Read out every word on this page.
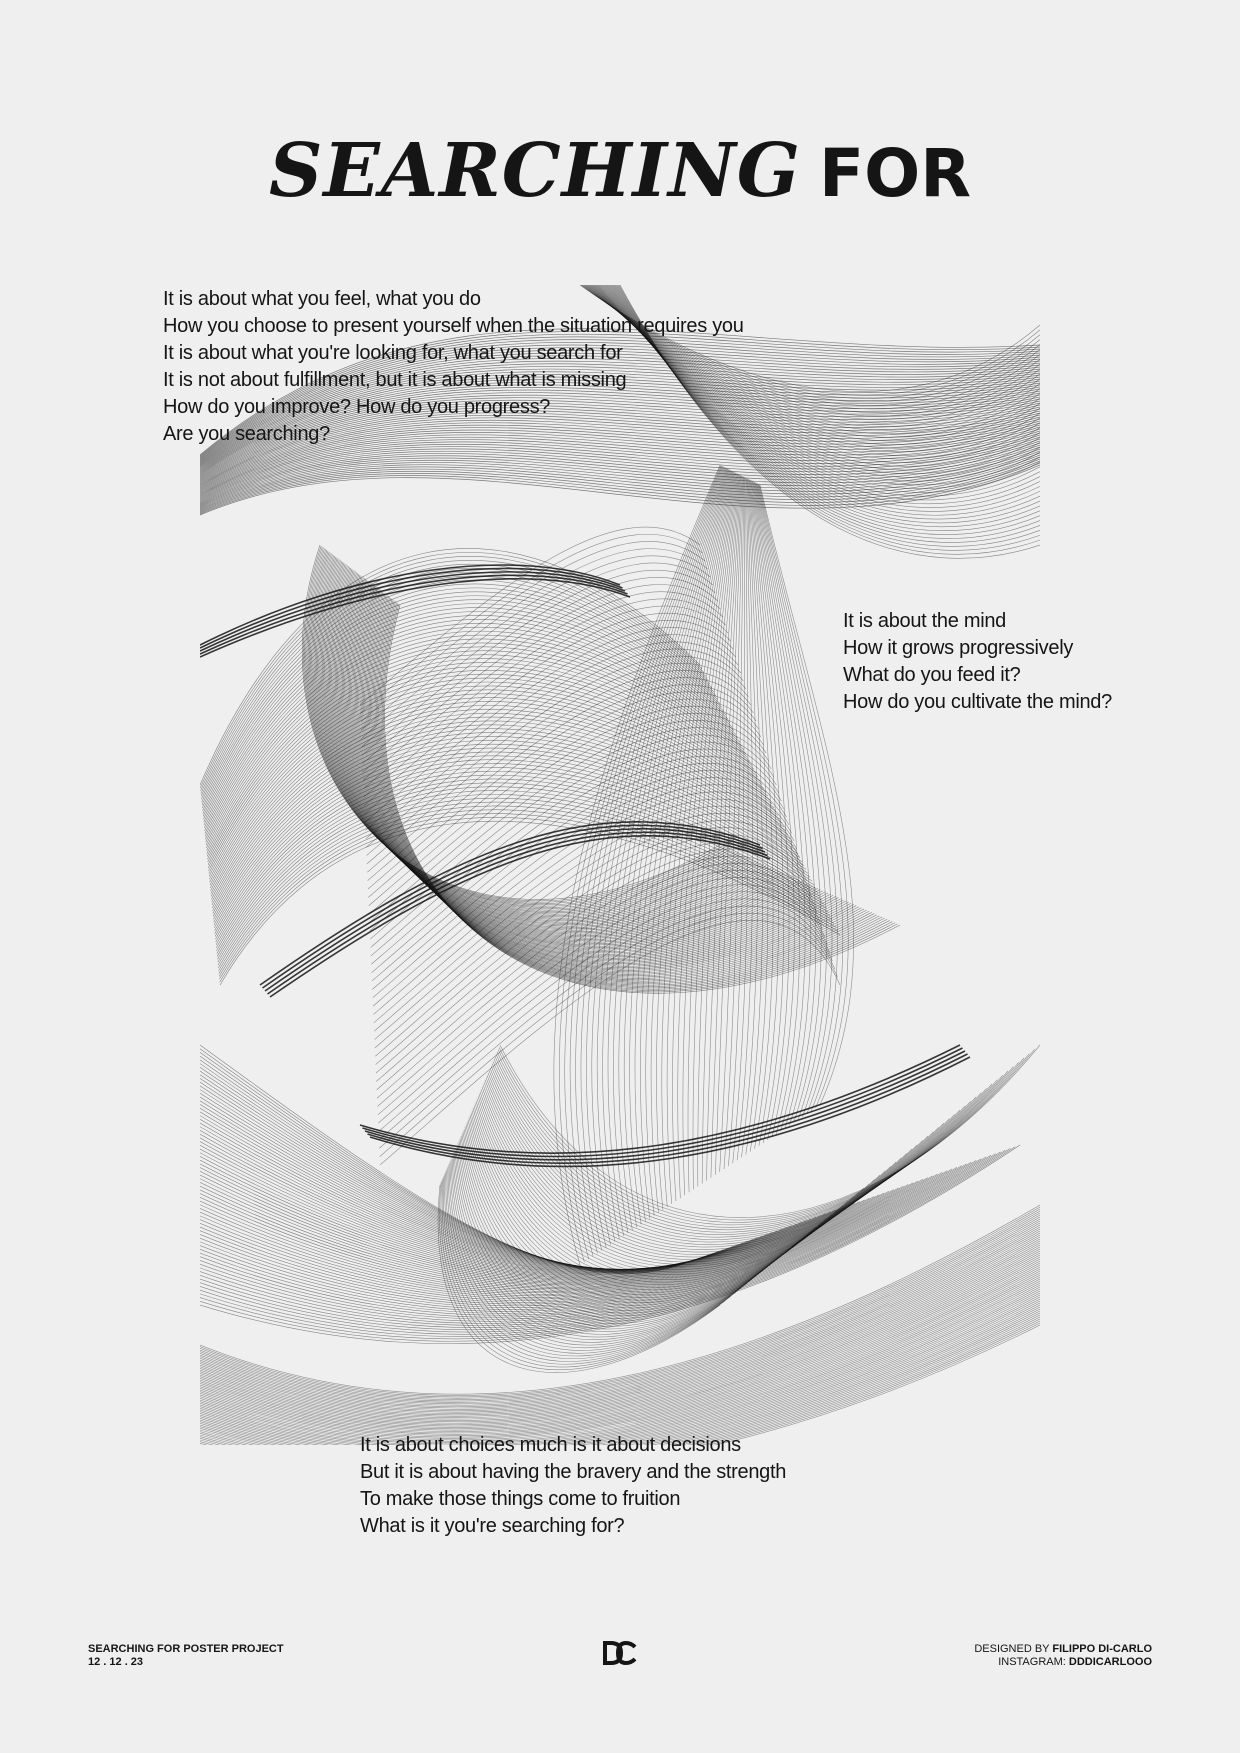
SEARCHING FOR
It is about what you feel, what you do
How you choose to present yourself when the situation requires you
It is about what you're looking for, what you search for
It is not about fulfillment, but it is about what is missing
How do you improve? How do you progress?
Are you searching?
It is about the mind
How it grows progressively
What do you feed it?
How do you cultivate the mind?
It is about choices much is it about decisions
But it is about having the bravery and the strength
To make those things come to fruition
What is it you're searching for?
SEARCHING FOR POSTER PROJECT
12 . 12 . 23
DESIGNED BY FILIPPO DI-CARLO
INSTAGRAM: DDDICARLOOO
